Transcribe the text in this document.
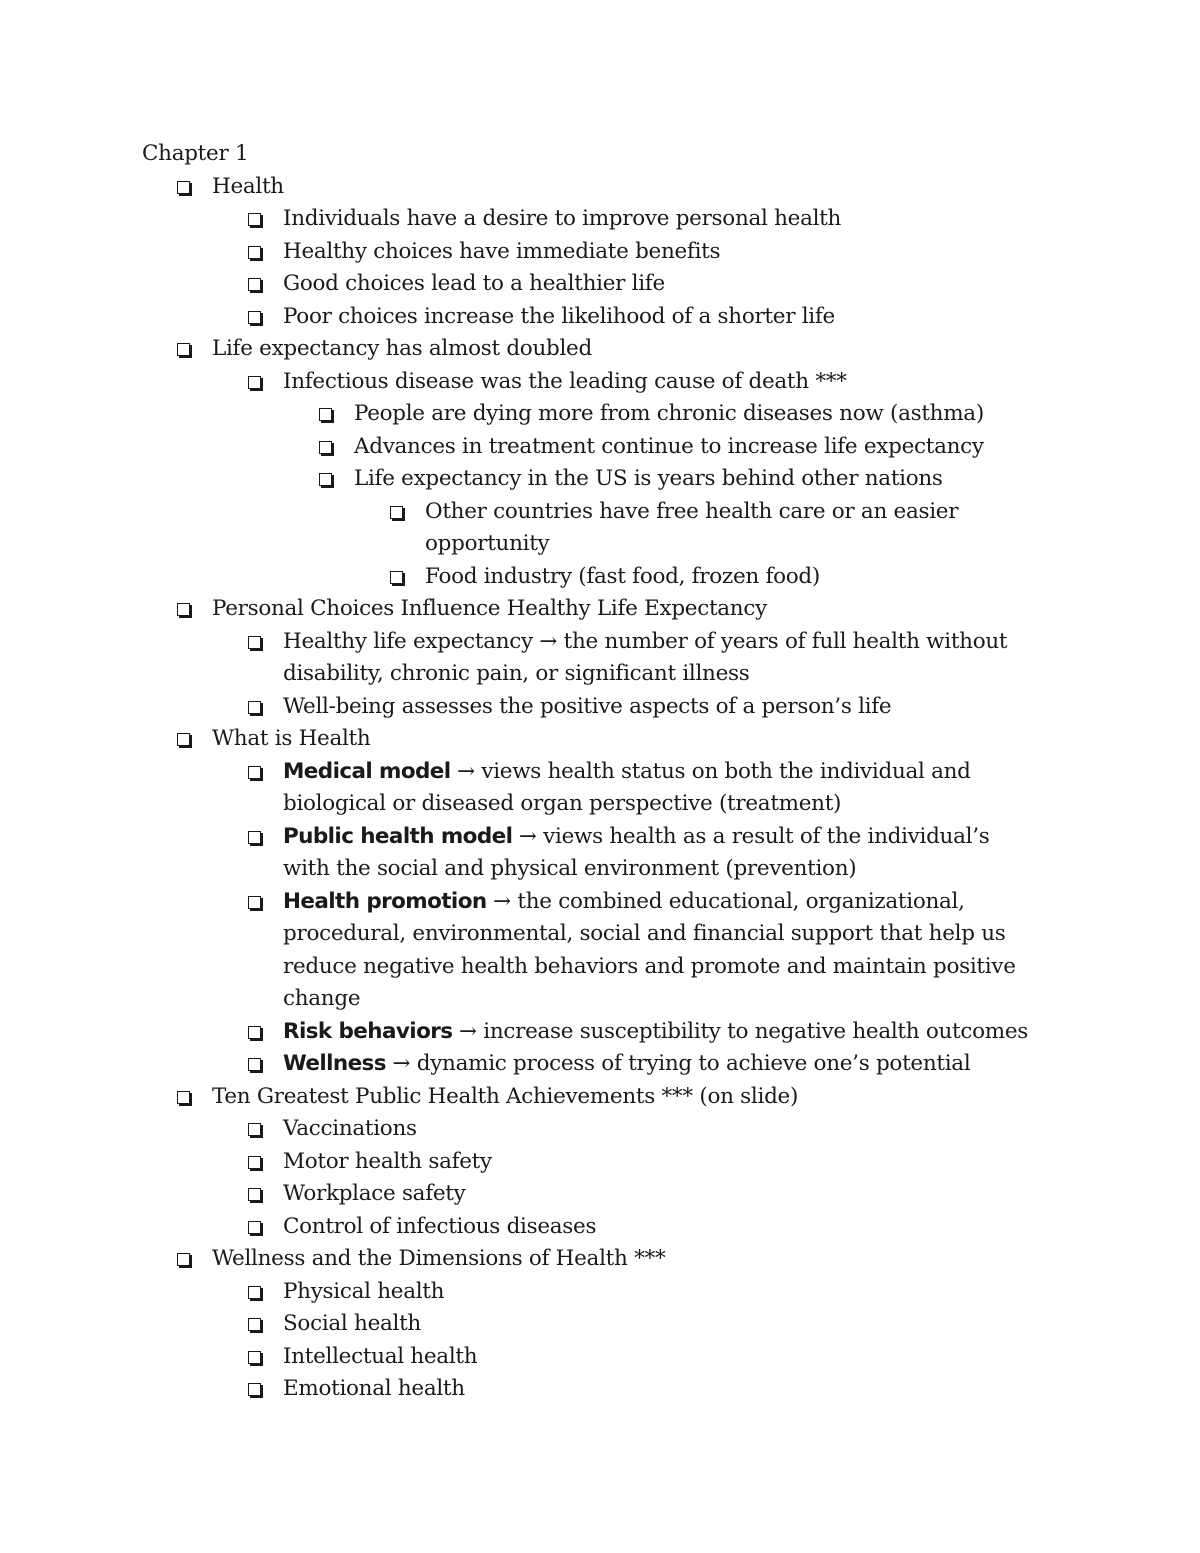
Chapter 1
Health
Individuals have a desire to improve personal health
Healthy choices have immediate benefits
Good choices lead to a healthier life
Poor choices increase the likelihood of a shorter life
Life expectancy has almost doubled
Infectious disease was the leading cause of death ***
People are dying more from chronic diseases now (asthma)
Advances in treatment continue to increase life expectancy
Life expectancy in the US is years behind other nations
Other countries have free health care or an easier opportunity
Food industry (fast food, frozen food)
Personal Choices Influence Healthy Life Expectancy
Healthy life expectancy → the number of years of full health without disability, chronic pain, or significant illness
Well-being assesses the positive aspects of a person’s life
What is Health
Medical model → views health status on both the individual and biological or diseased organ perspective (treatment)
Public health model → views health as a result of the individual’s with the social and physical environment (prevention)
Health promotion → the combined educational, organizational, procedural, environmental, social and financial support that help us reduce negative health behaviors and promote and maintain positive change
Risk behaviors → increase susceptibility to negative health outcomes
Wellness → dynamic process of trying to achieve one’s potential
Ten Greatest Public Health Achievements *** (on slide)
Vaccinations
Motor health safety
Workplace safety
Control of infectious diseases
Wellness and the Dimensions of Health ***
Physical health
Social health
Intellectual health
Emotional health
